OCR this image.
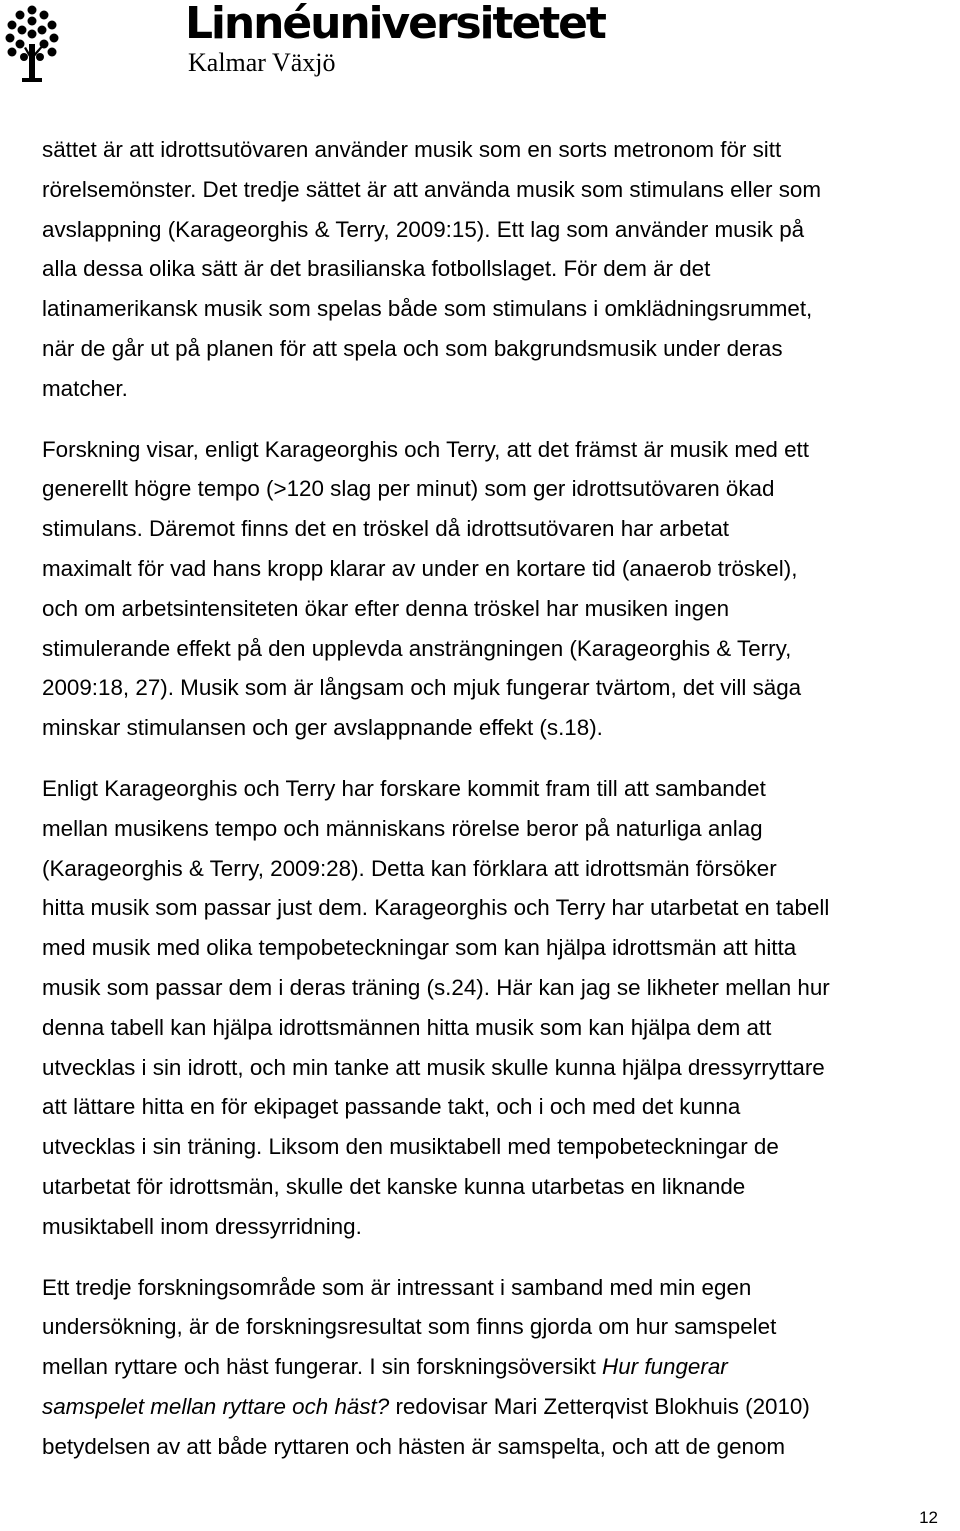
Linnéuniversitetet
Kalmar Växjö

sättet är att idrottsutövaren använder musik som en sorts metronom för sitt
rörelsemönster. Det tredje sättet är att använda musik som stimulans eller som
avslappning (Karageorghis & Terry, 2009:15). Ett lag som använder musik på
alla dessa olika sätt är det brasilianska fotbollslaget. För dem är det
latinamerikansk musik som spelas både som stimulans i omklädningsrummet,
när de går ut på planen för att spela och som bakgrundsmusik under deras
matcher.

Forskning visar, enligt Karageorghis och Terry, att det främst är musik med ett
generellt högre tempo (>120 slag per minut) som ger idrottsutövaren ökad
stimulans. Däremot finns det en tröskel då idrottsutövaren har arbetat
maximalt för vad hans kropp klarar av under en kortare tid (anaerob tröskel),
och om arbetsintensiteten ökar efter denna tröskel har musiken ingen
stimulerande effekt på den upplevda ansträngningen (Karageorghis & Terry,
2009:18, 27). Musik som är långsam och mjuk fungerar tvärtom, det vill säga
minskar stimulansen och ger avslappnande effekt (s.18).

Enligt Karageorghis och Terry har forskare kommit fram till att sambandet
mellan musikens tempo och människans rörelse beror på naturliga anlag
(Karageorghis & Terry, 2009:28). Detta kan förklara att idrottsmän försöker
hitta musik som passar just dem. Karageorghis och Terry har utarbetat en tabell
med musik med olika tempobeteckningar som kan hjälpa idrottsmän att hitta
musik som passar dem i deras träning (s.24). Här kan jag se likheter mellan hur
denna tabell kan hjälpa idrottsmännen hitta musik som kan hjälpa dem att
utvecklas i sin idrott, och min tanke att musik skulle kunna hjälpa dressyrryttare
att lättare hitta en för ekipaget passande takt, och i och med det kunna
utvecklas i sin träning. Liksom den musiktabell med tempobeteckningar de
utarbetat för idrottsmän, skulle det kanske kunna utarbetas en liknande
musiktabell inom dressyrridning.

Ett tredje forskningsområde som är intressant i samband med min egen
undersökning, är de forskningsresultat som finns gjorda om hur samspelet
mellan ryttare och häst fungerar. I sin forskningsöversikt Hur fungerar
samspelet mellan ryttare och häst? redovisar Mari Zetterqvist Blokhuis (2010)
betydelsen av att både ryttaren och hästen är samspelta, och att de genom

12
